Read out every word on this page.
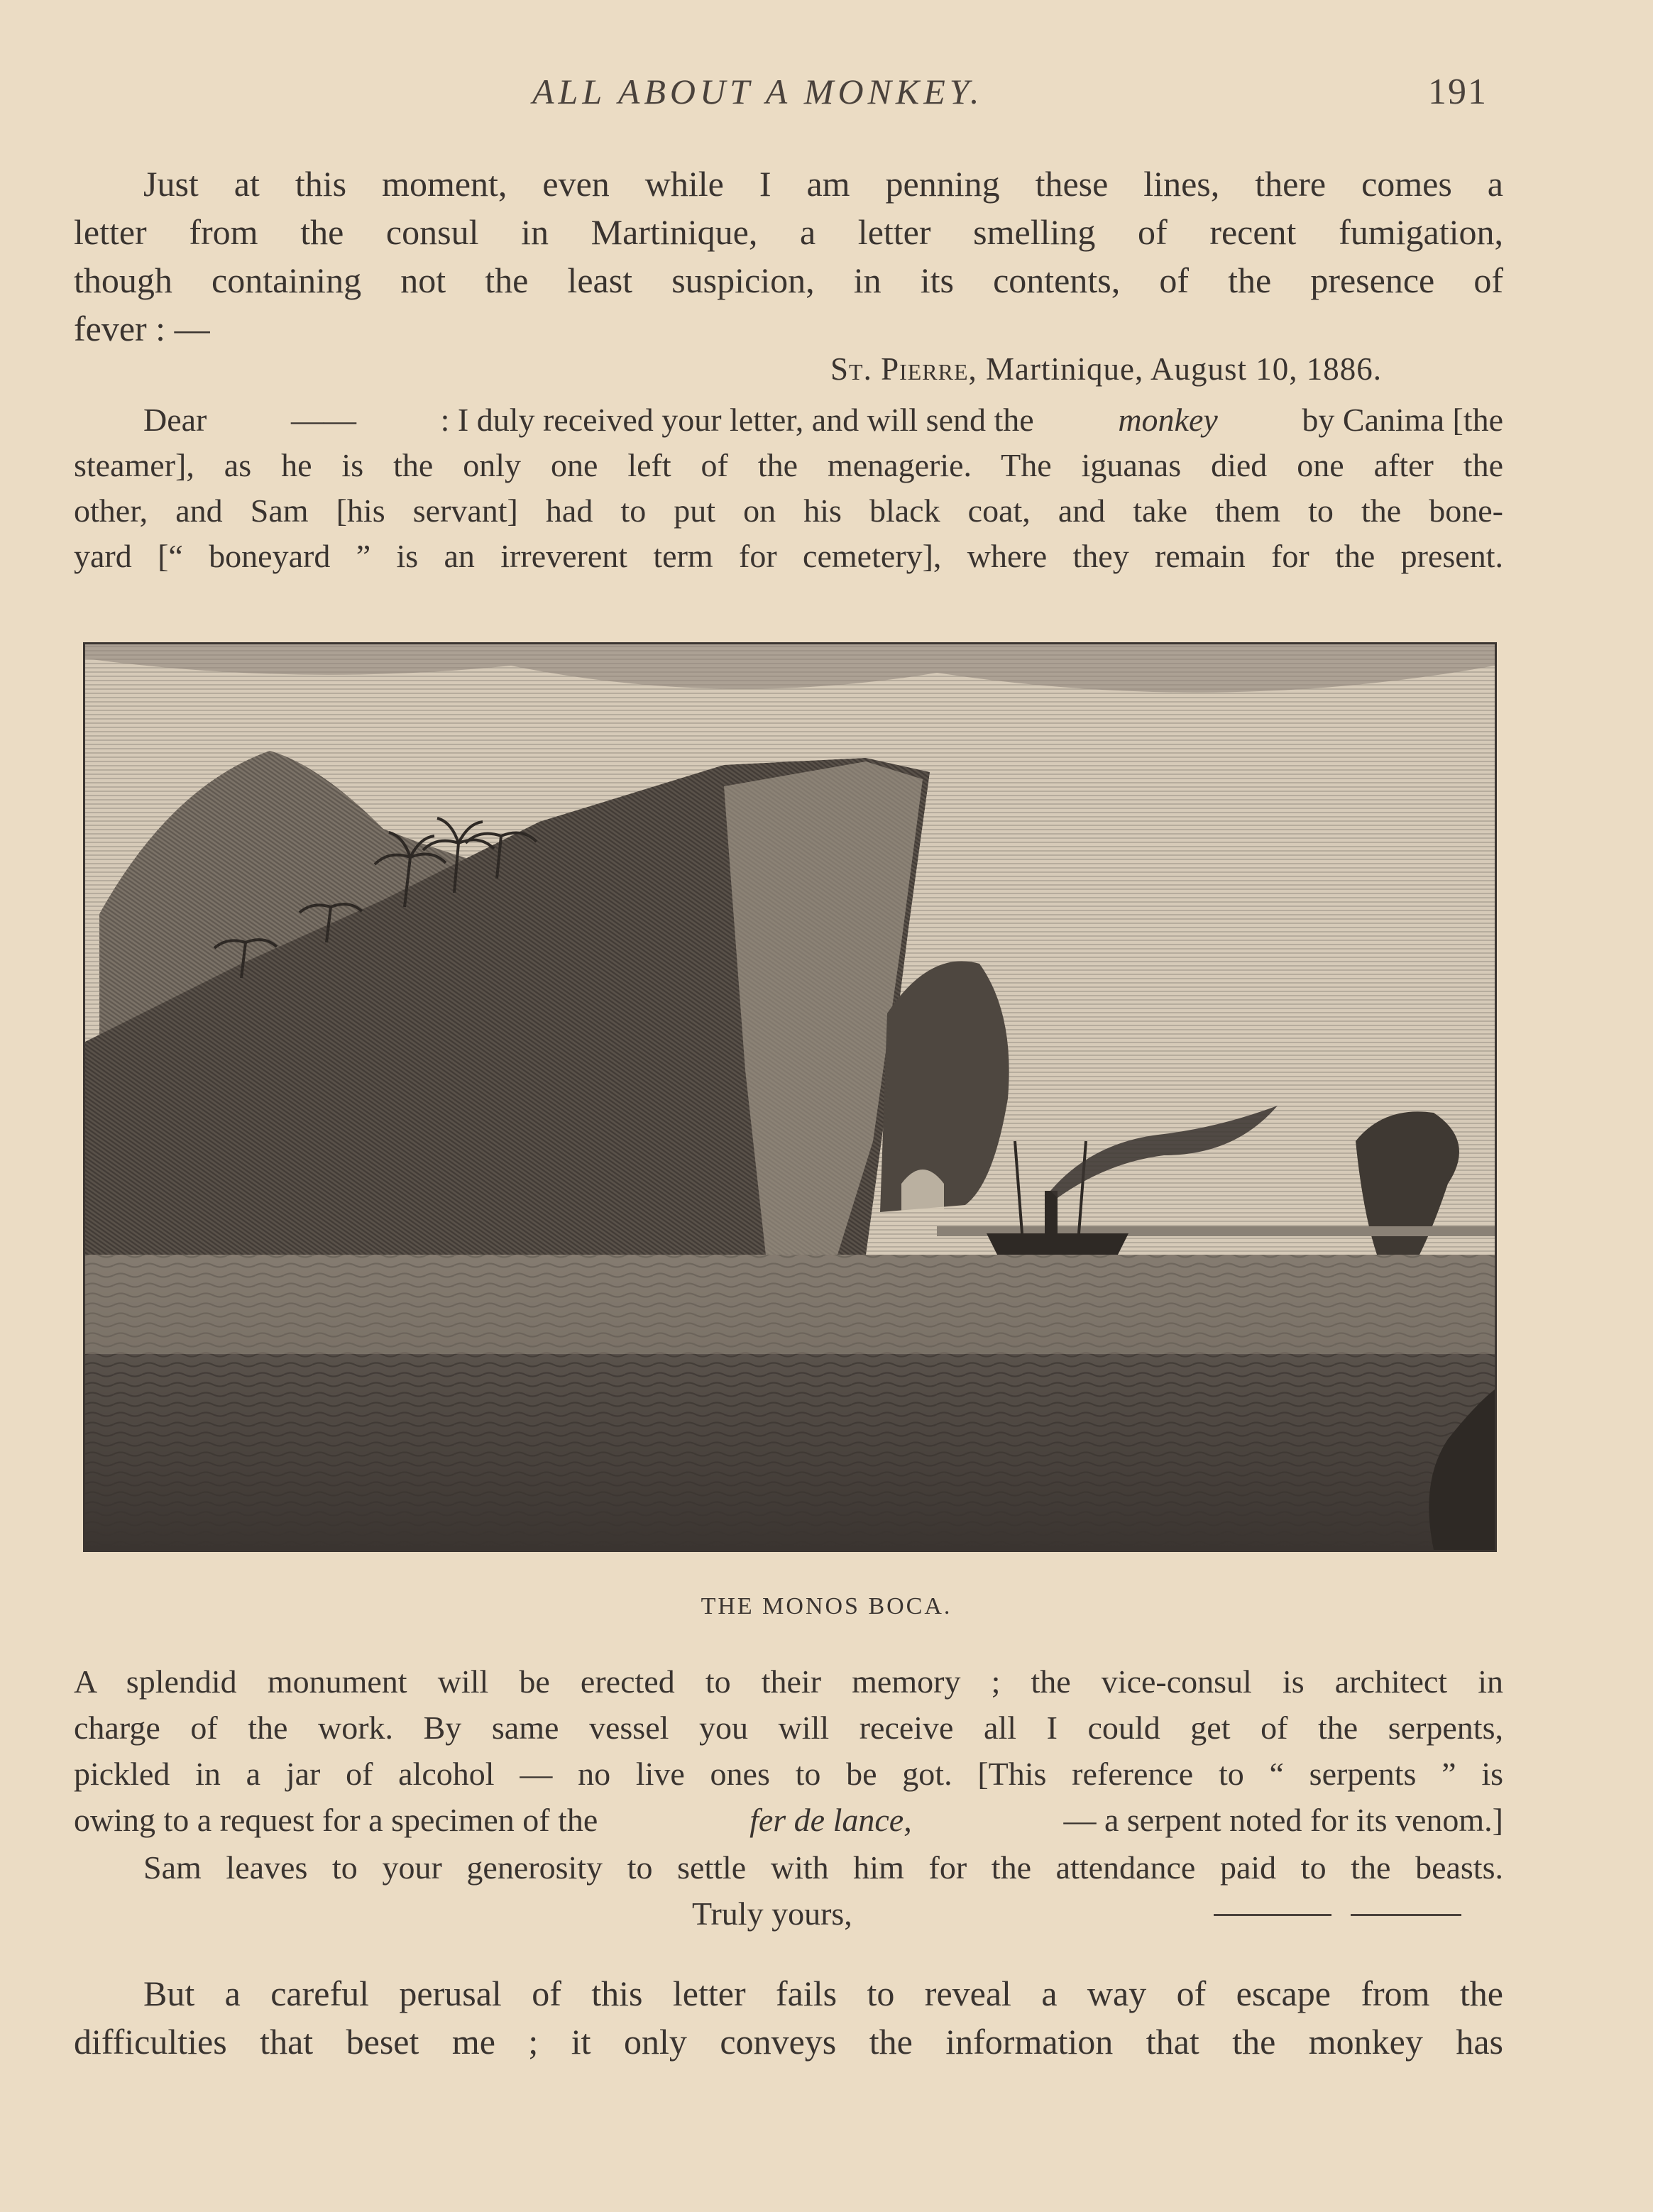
ALL ABOUT A MONKEY.	191
Just at this moment, even while I am penning these lines, there comes a
letter from the consul in Martinique, a letter smelling of recent fumigation,
though containing not the least suspicion, in its contents, of the presence of
fever : —
St. Pierre, Martinique, August 10, 1886.
Dear	——	: I duly received your letter, and will send the	monkey	by Canima [the
steamer], as he is the only one left of the menagerie. The iguanas died one after the
other, and Sam [his servant] had to put on his black coat, and take them to the bone-
yard [“ boneyard ” is an irreverent term for cemetery], where they remain for the present.
THE MONOS BOCA.
A splendid monument will be erected to their memory ; the vice-consul is architect in
charge of the work. By same vessel you will receive all I could get of the serpents,
pickled in a jar of alcohol — no live ones to be got. [This reference to “ serpents ” is
owing to a request for a specimen of the	fer de lance,	— a serpent noted for its venom.]
Sam leaves to your generosity to settle with him for the attendance paid to the beasts.
Truly yours,
But a careful perusal of this letter fails to reveal a way of escape from the
difficulties that beset me ; it only conveys the information that the monkey has
